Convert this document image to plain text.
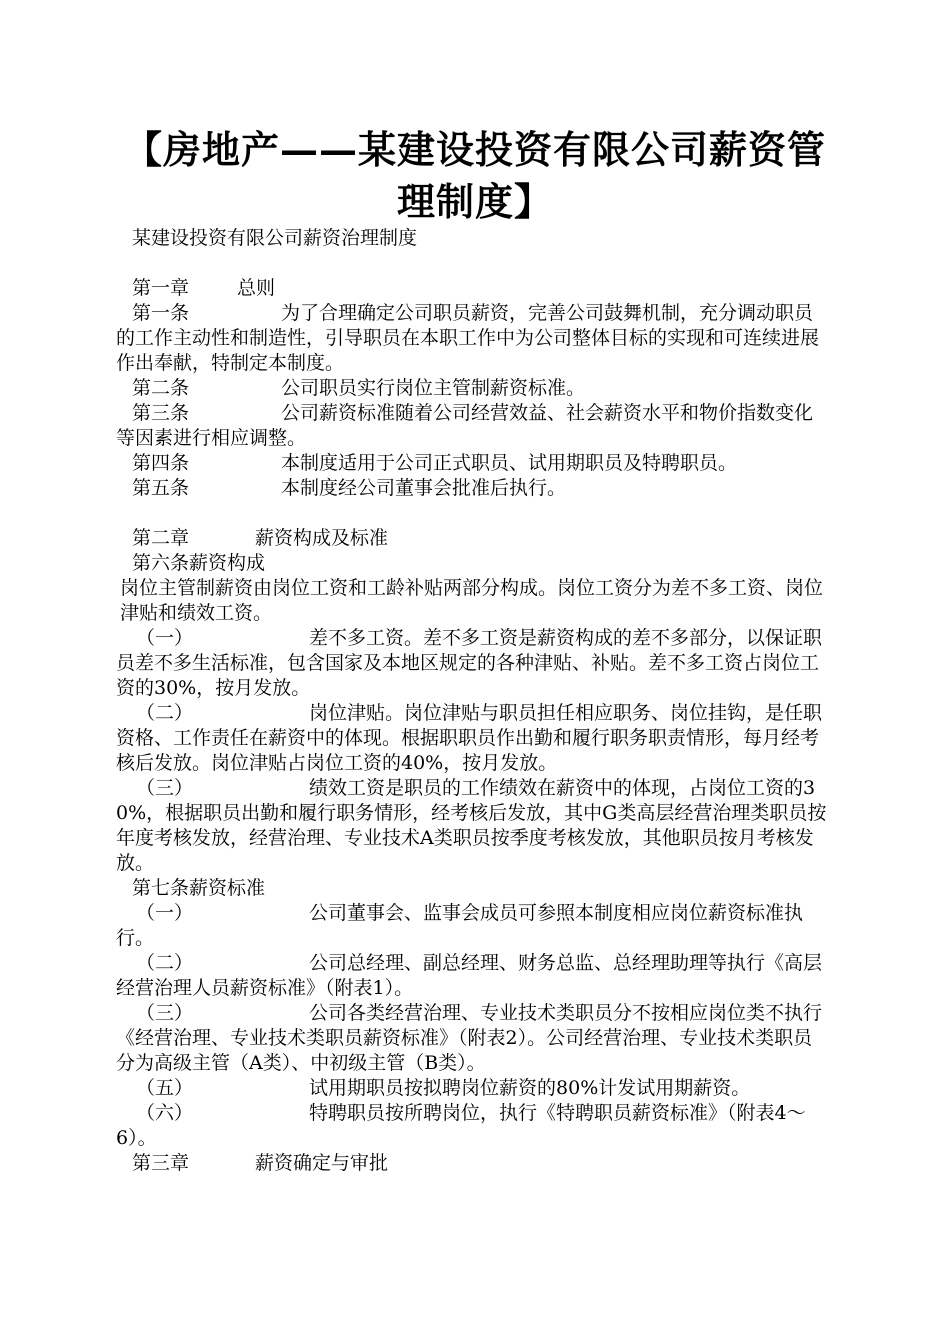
【房地产——某建设投资有限公司薪资管理制度】

某建设投资有限公司薪资治理制度

第一章	总则

第一条	为了合理确定公司职员薪资，完善公司鼓舞机制，充分调动职员的工作主动性和制造性，引导职员在本职工作中为公司整体目标的实现和可连续进展作出奉献，特制定本制度。

第二条	公司职员实行岗位主管制薪资标准。

第三条	公司薪资标准随着公司经营效益、社会薪资水平和物价指数变化等因素进行相应调整。

第四条	本制度适用于公司正式职员、试用期职员及特聘职员。

第五条	本制度经公司董事会批准后执行。

第二章	薪资构成及标准

第六条薪资构成

岗位主管制薪资由岗位工资和工龄补贴两部分构成。岗位工资分为差不多工资、岗位津贴和绩效工资。

（一）	差不多工资。差不多工资是薪资构成的差不多部分，以保证职员差不多生活标准，包含国家及本地区规定的各种津贴、补贴。差不多工资占岗位工资的30%，按月发放。

（二）	岗位津贴。岗位津贴与职员担任相应职务、岗位挂钩，是任职资格、工作责任在薪资中的体现。根据职职员作出勤和履行职务职责情形，每月经考核后发放。岗位津贴占岗位工资的40%，按月发放。

（三）	绩效工资是职员的工作绩效在薪资中的体现，占岗位工资的30%，根据职员出勤和履行职务情形，经考核后发放，其中G类高层经营治理类职员按年度考核发放，经营治理、专业技术A类职员按季度考核发放，其他职员按月考核发放。

第七条薪资标准

（一）	公司董事会、监事会成员可参照本制度相应岗位薪资标准执行。

（二）	公司总经理、副总经理、财务总监、总经理助理等执行《高层经营治理人员薪资标准》（附表1）。

（三）	公司各类经营治理、专业技术类职员分不按相应岗位类不执行《经营治理、专业技术类职员薪资标准》（附表2）。公司经营治理、专业技术类职员分为高级主管（A类）、中初级主管（B类）。

（五）	试用期职员按拟聘岗位薪资的80%计发试用期薪资。

（六）	特聘职员按所聘岗位，执行《特聘职员薪资标准》（附表4～6）。

第三章	薪资确定与审批
